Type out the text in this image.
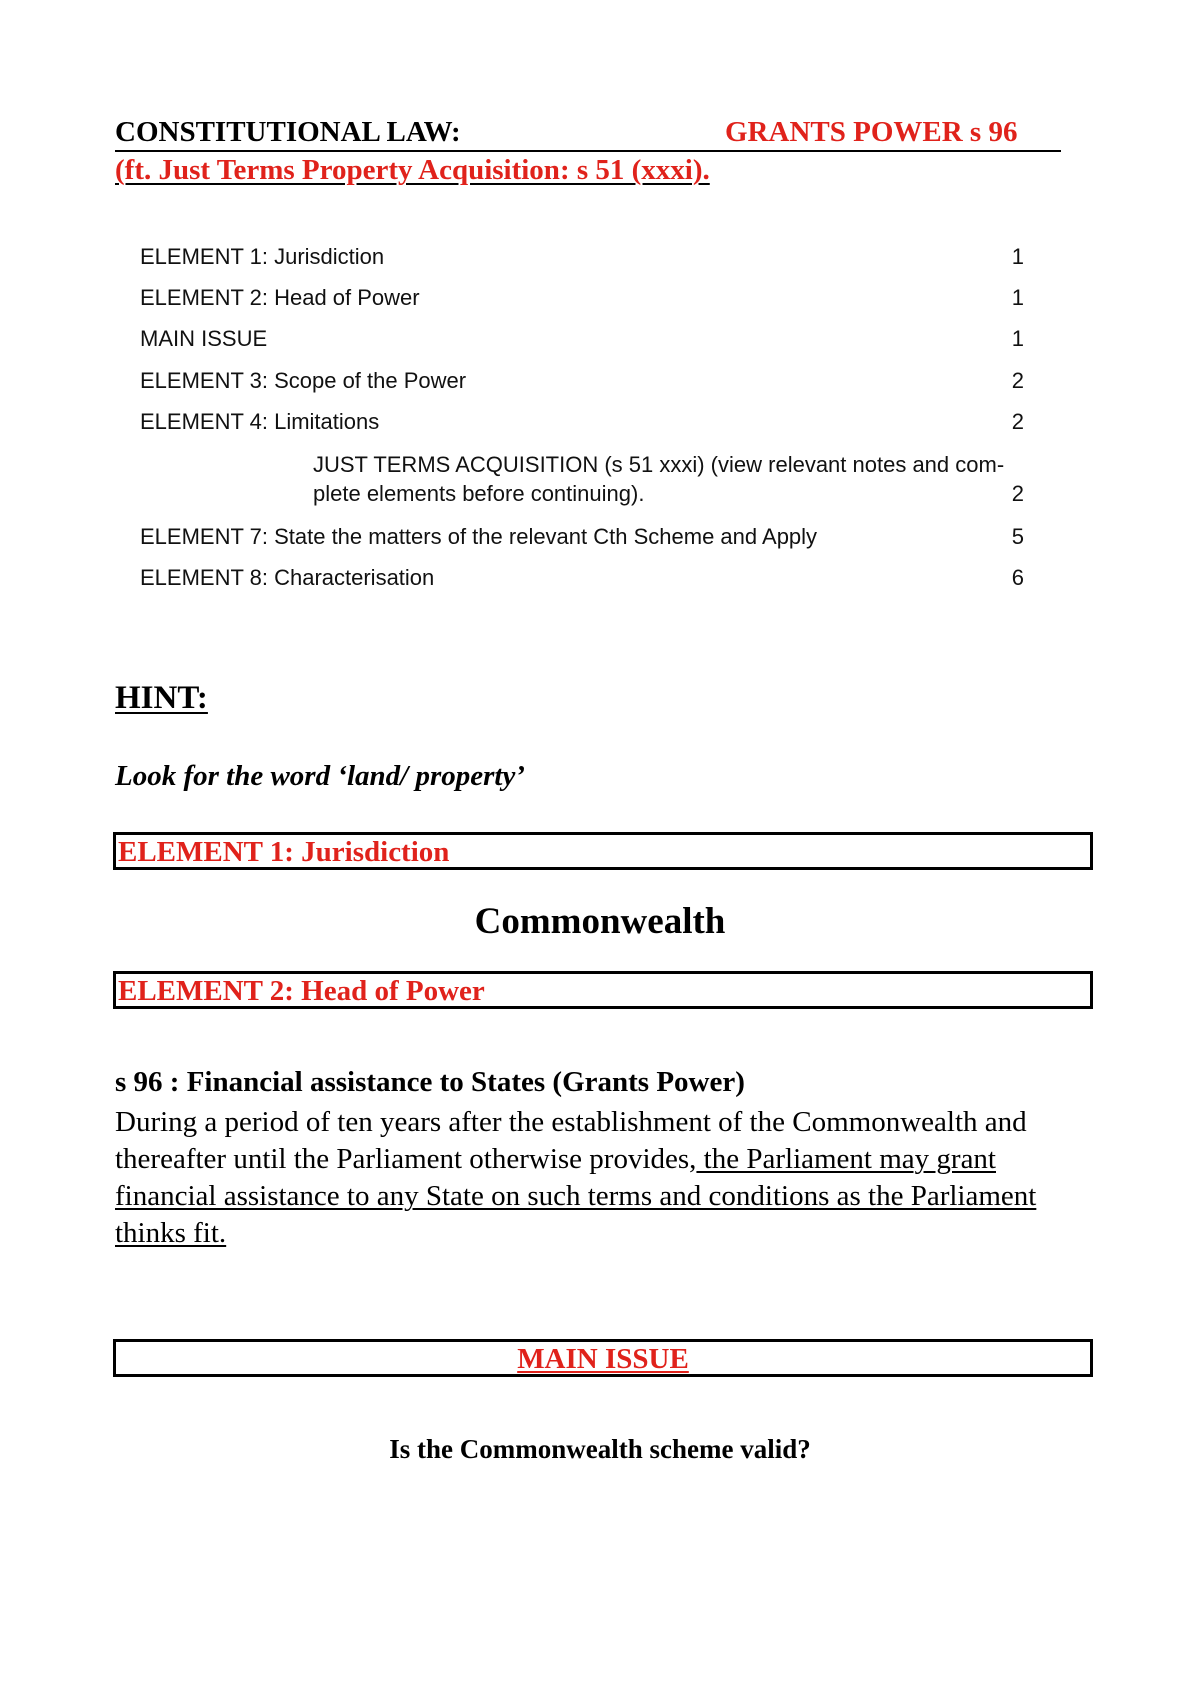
CONSTITUTIONAL LAW:	GRANTS POWER s 96
(ft. Just Terms Property Acquisition: s 51 (xxxi).
ELEMENT 1: Jurisdiction	1
ELEMENT 2: Head of Power	1
MAIN ISSUE	1
ELEMENT 3: Scope of the Power	2
ELEMENT 4: Limitations	2
JUST TERMS ACQUISITION (s 51 xxxi) (view relevant notes and com-
plete elements before continuing).	2
ELEMENT 7: State the matters of the relevant Cth Scheme and Apply	5
ELEMENT 8: Characterisation	6
HINT:
Look for the word ‘land/ property’
ELEMENT 1: Jurisdiction
Commonwealth
ELEMENT 2: Head of Power
s 96 : Financial assistance to States (Grants Power)
During a period of ten years after the establishment of the Commonwealth and thereafter until the Parliament otherwise provides, the Parliament may grant financial assistance to any State on such terms and conditions as the Parliament thinks fit.
MAIN ISSUE
Is the Commonwealth scheme valid?
